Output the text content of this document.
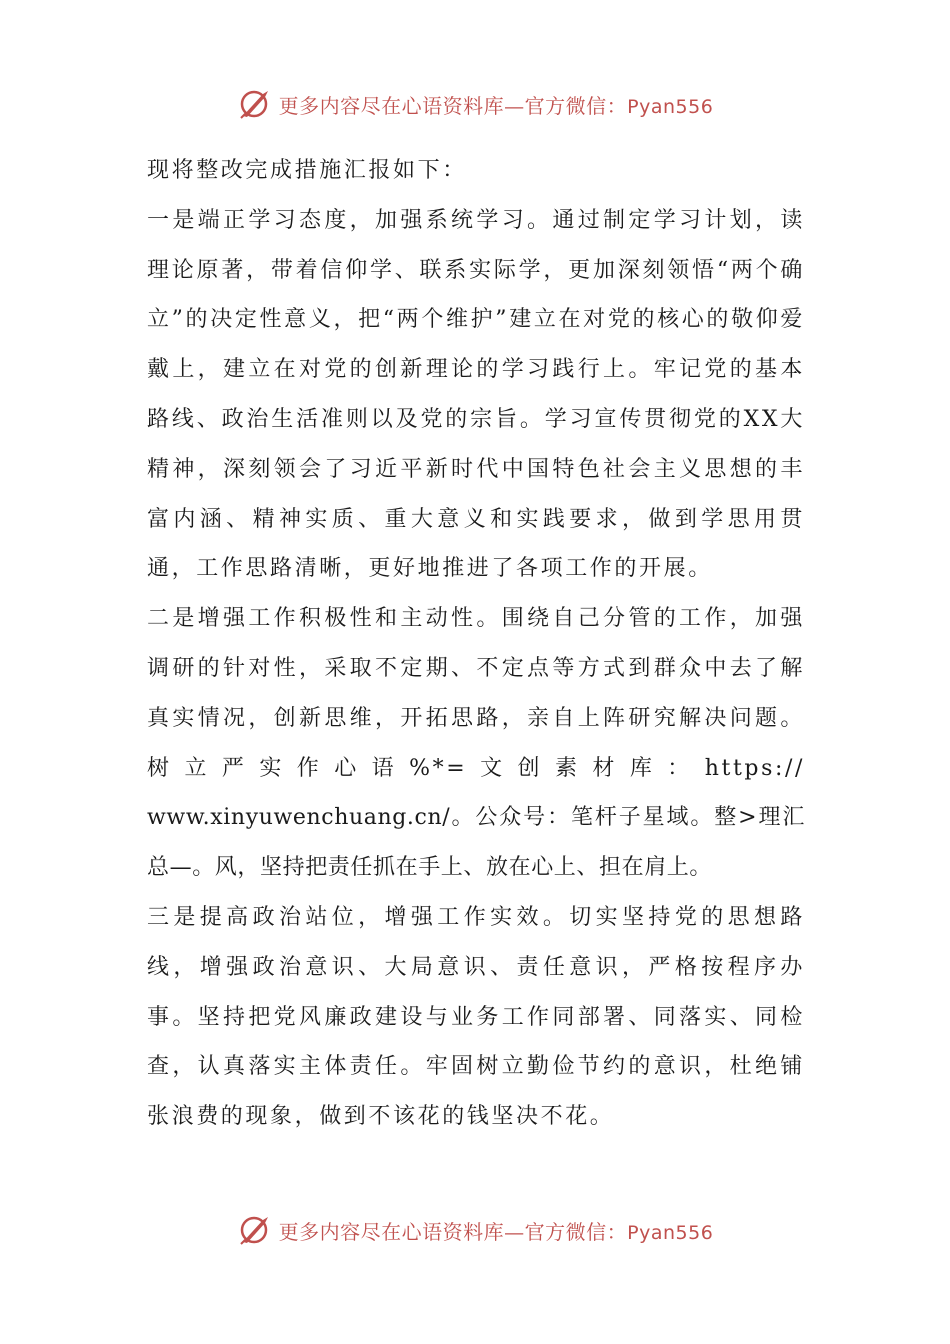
更多内容尽在心语资料库—官方微信：Pyan556

现将整改完成措施汇报如下：

一是端正学习态度，加强系统学习。通过制定学习计划，读理论原著，带着信仰学、联系实际学，更加深刻领悟“两个确立”的决定性意义，把“两个维护”建立在对党的核心的敬仰爱戴上，建立在对党的创新理论的学习践行上。牢记党的基本路线、政治生活准则以及党的宗旨。学习宣传贯彻党的XX大精神，深刻领会了习近平新时代中国特色社会主义思想的丰富内涵、精神实质、重大意义和实践要求，做到学思用贯通，工作思路清晰，更好地推进了各项工作的开展。

二是增强工作积极性和主动性。围绕自己分管的工作，加强调研的针对性，采取不定期、不定点等方式到群众中去了解真实情况，创新思维，开拓思路，亲自上阵研究解决问题。树立严实作心语%*=文创素材库：https://

www.xinyuwenchuang.cn/。公众号：笔杆子星域。整>理汇总—。风，坚持把责任抓在手上、放在心上、担在肩上。

三是提高政治站位，增强工作实效。切实坚持党的思想路线，增强政治意识、大局意识、责任意识，严格按程序办事。坚持把党风廉政建设与业务工作同部署、同落实、同检查，认真落实主体责任。牢固树立勤俭节约的意识，杜绝铺张浪费的现象，做到不该花的钱坚决不花。

更多内容尽在心语资料库—官方微信：Pyan556
